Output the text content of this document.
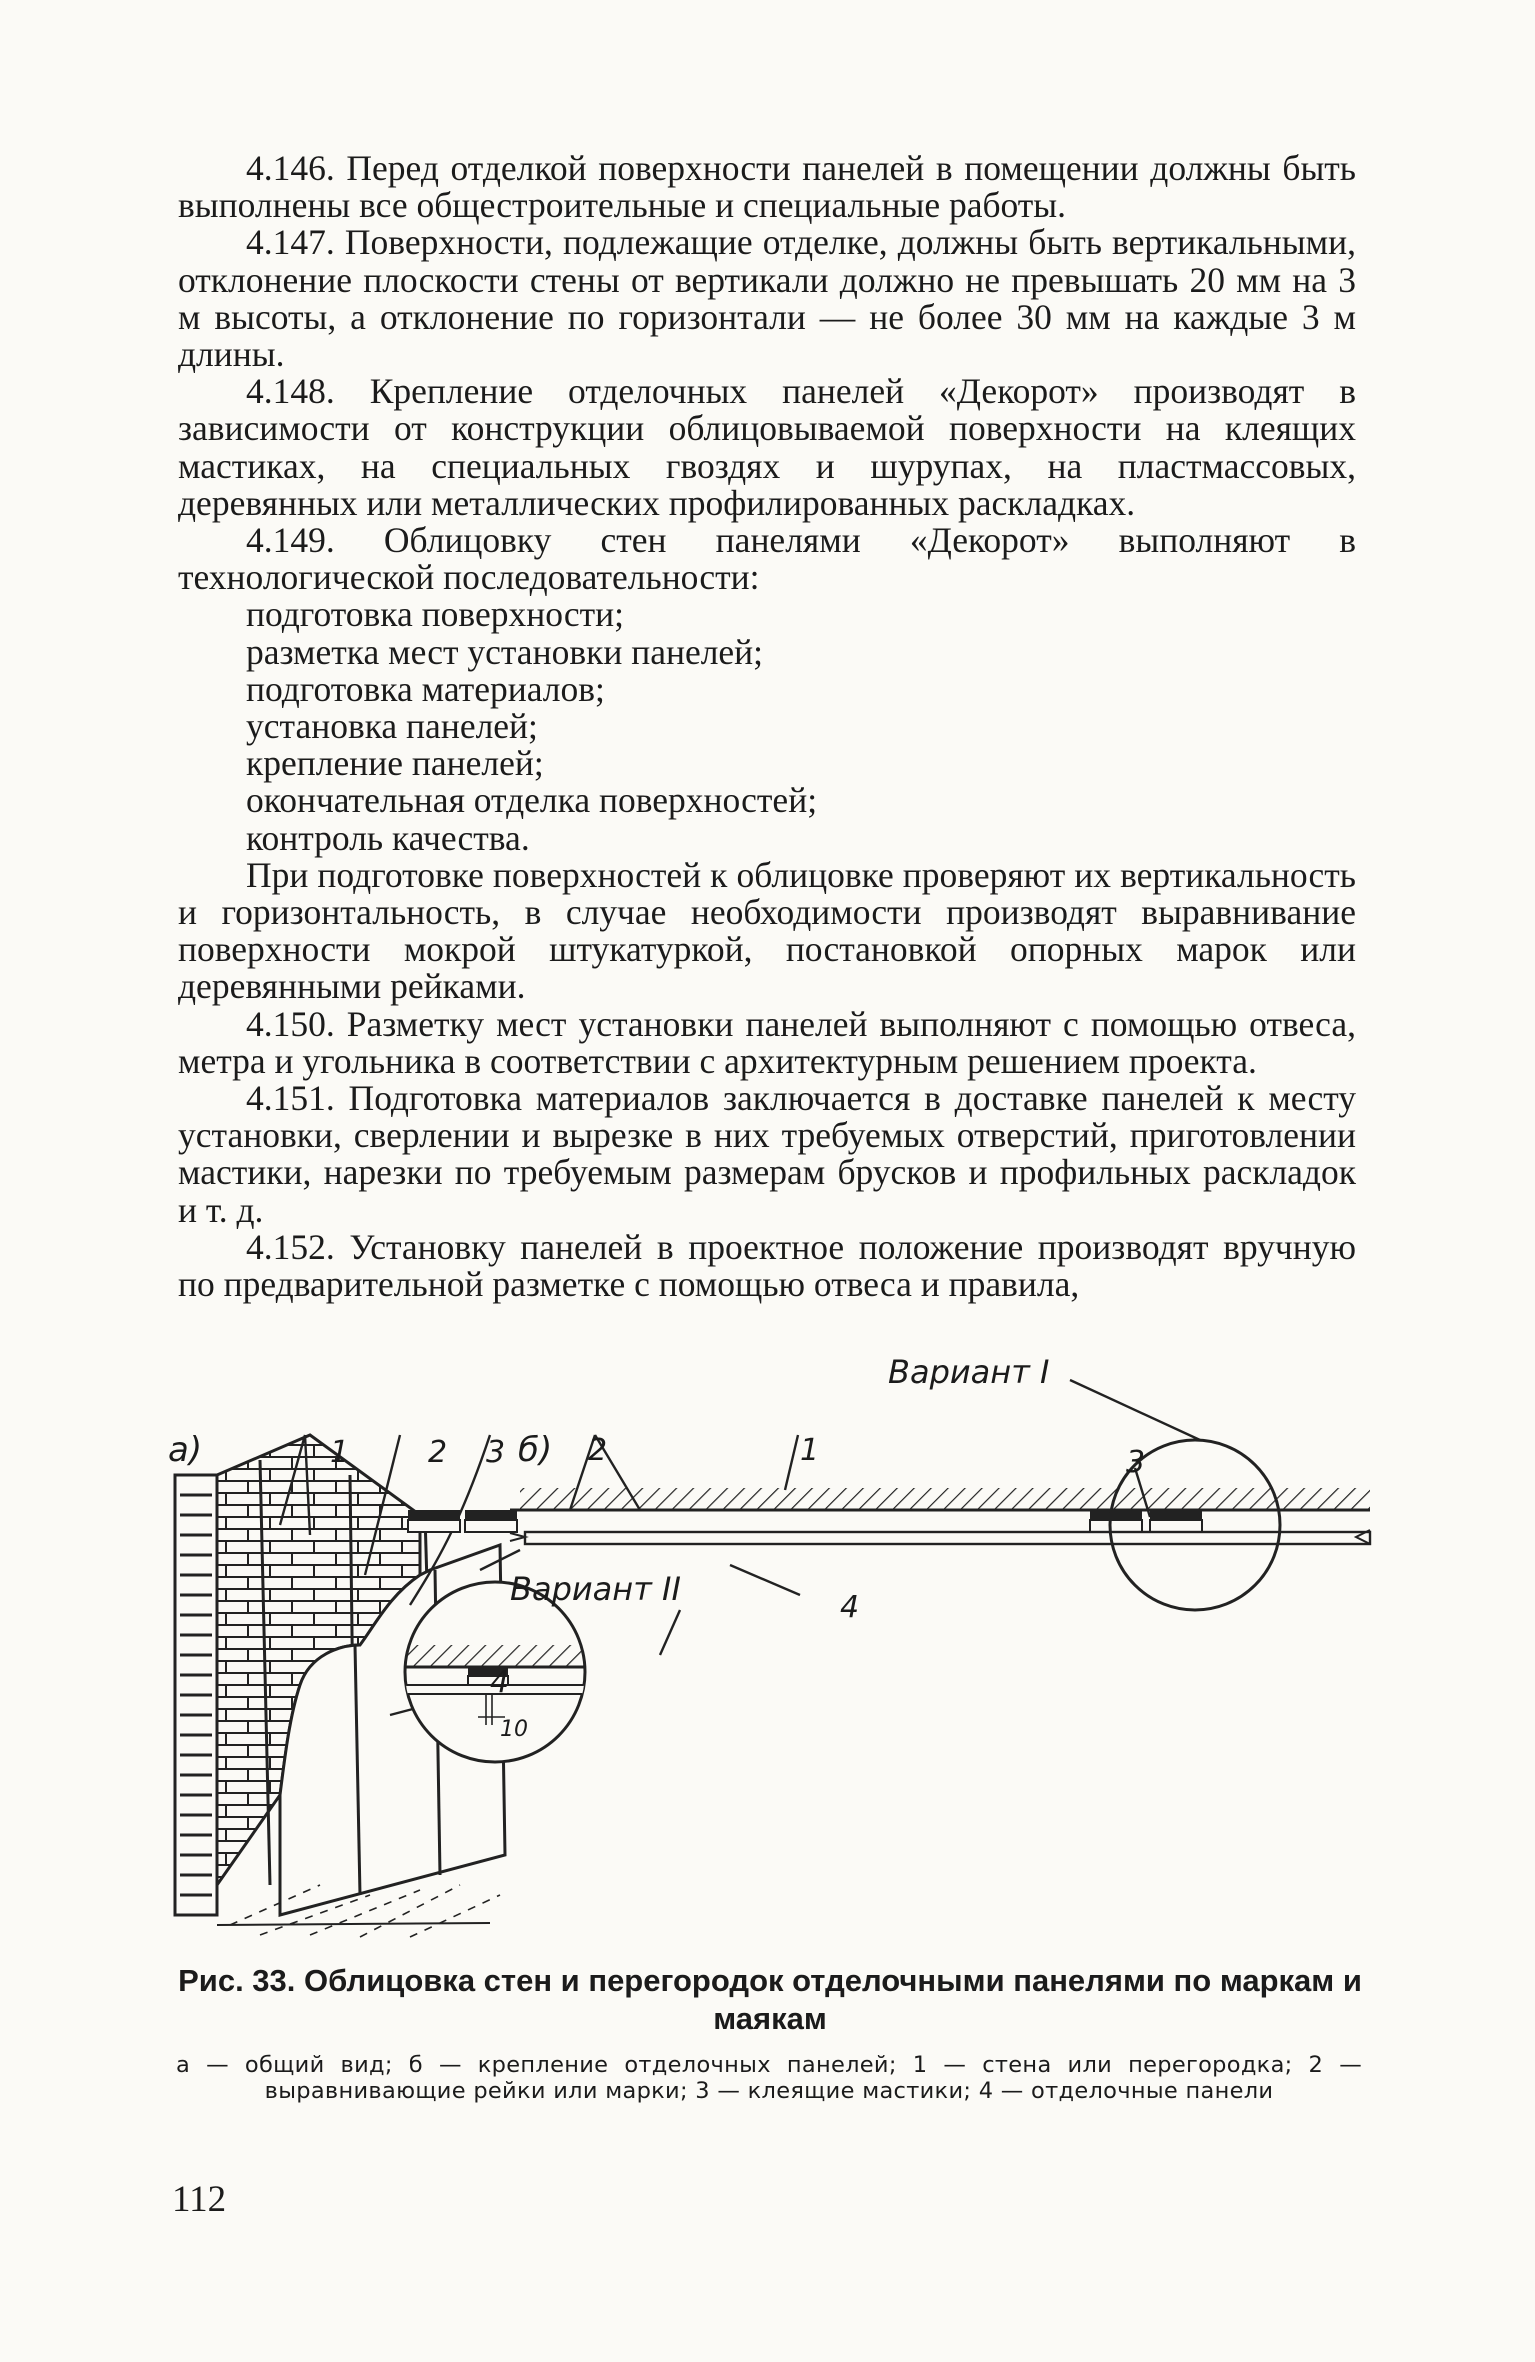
4.146. Перед отделкой поверхности панелей в помещении должны быть выполнены все общестроительные и специальные работы.

4.147. Поверхности, подлежащие отделке, должны быть вертикальными, отклонение плоскости стены от вертикали должно не превышать 20 мм на 3 м высоты, а отклонение по горизонтали — не более 30 мм на каждые 3 м длины.

4.148. Крепление отделочных панелей «Декорот» производят в зависимости от конструкции облицовываемой поверхности на клеящих мастиках, на специальных гвоздях и шурупах, на пластмассовых, деревянных или металлических профилированных раскладках.

4.149. Облицовку стен панелями «Декорот» выполняют в технологической последовательности:

подготовка поверхности;
разметка мест установки панелей;
подготовка материалов;
установка панелей;
крепление панелей;
окончательная отделка поверхностей;
контроль качества.

При подготовке поверхностей к облицовке проверяют их вертикальность и горизонтальность, в случае необходимости производят выравнивание поверхности мокрой штукатуркой, постановкой опорных марок или деревянными рейками.

4.150. Разметку мест установки панелей выполняют с помощью отвеса, метра и угольника в соответствии с архитектурным решением проекта.

4.151. Подготовка материалов заключается в доставке панелей к месту установки, сверлении и вырезке в них требуемых отверстий, приготовлении мастики, нарезки по требуемым размерам брусков и профильных раскладок и т. д.

4.152. Установку панелей в проектное положение производят вручную по предварительной разметке с помощью отвеса и правила,

а)	1	2 3
4
б) 2	1	3
4
Вариант I
Вариант II
10
Рис. 33. Облицовка стен и перегородок отделочными панелями по маркам и маякам
а — общий вид; б — крепление отделочных панелей; 1 — стена или перегородка; 2 — выравнивающие рейки или марки; 3 — клеящие мастики; 4 — отделочные панели
112
